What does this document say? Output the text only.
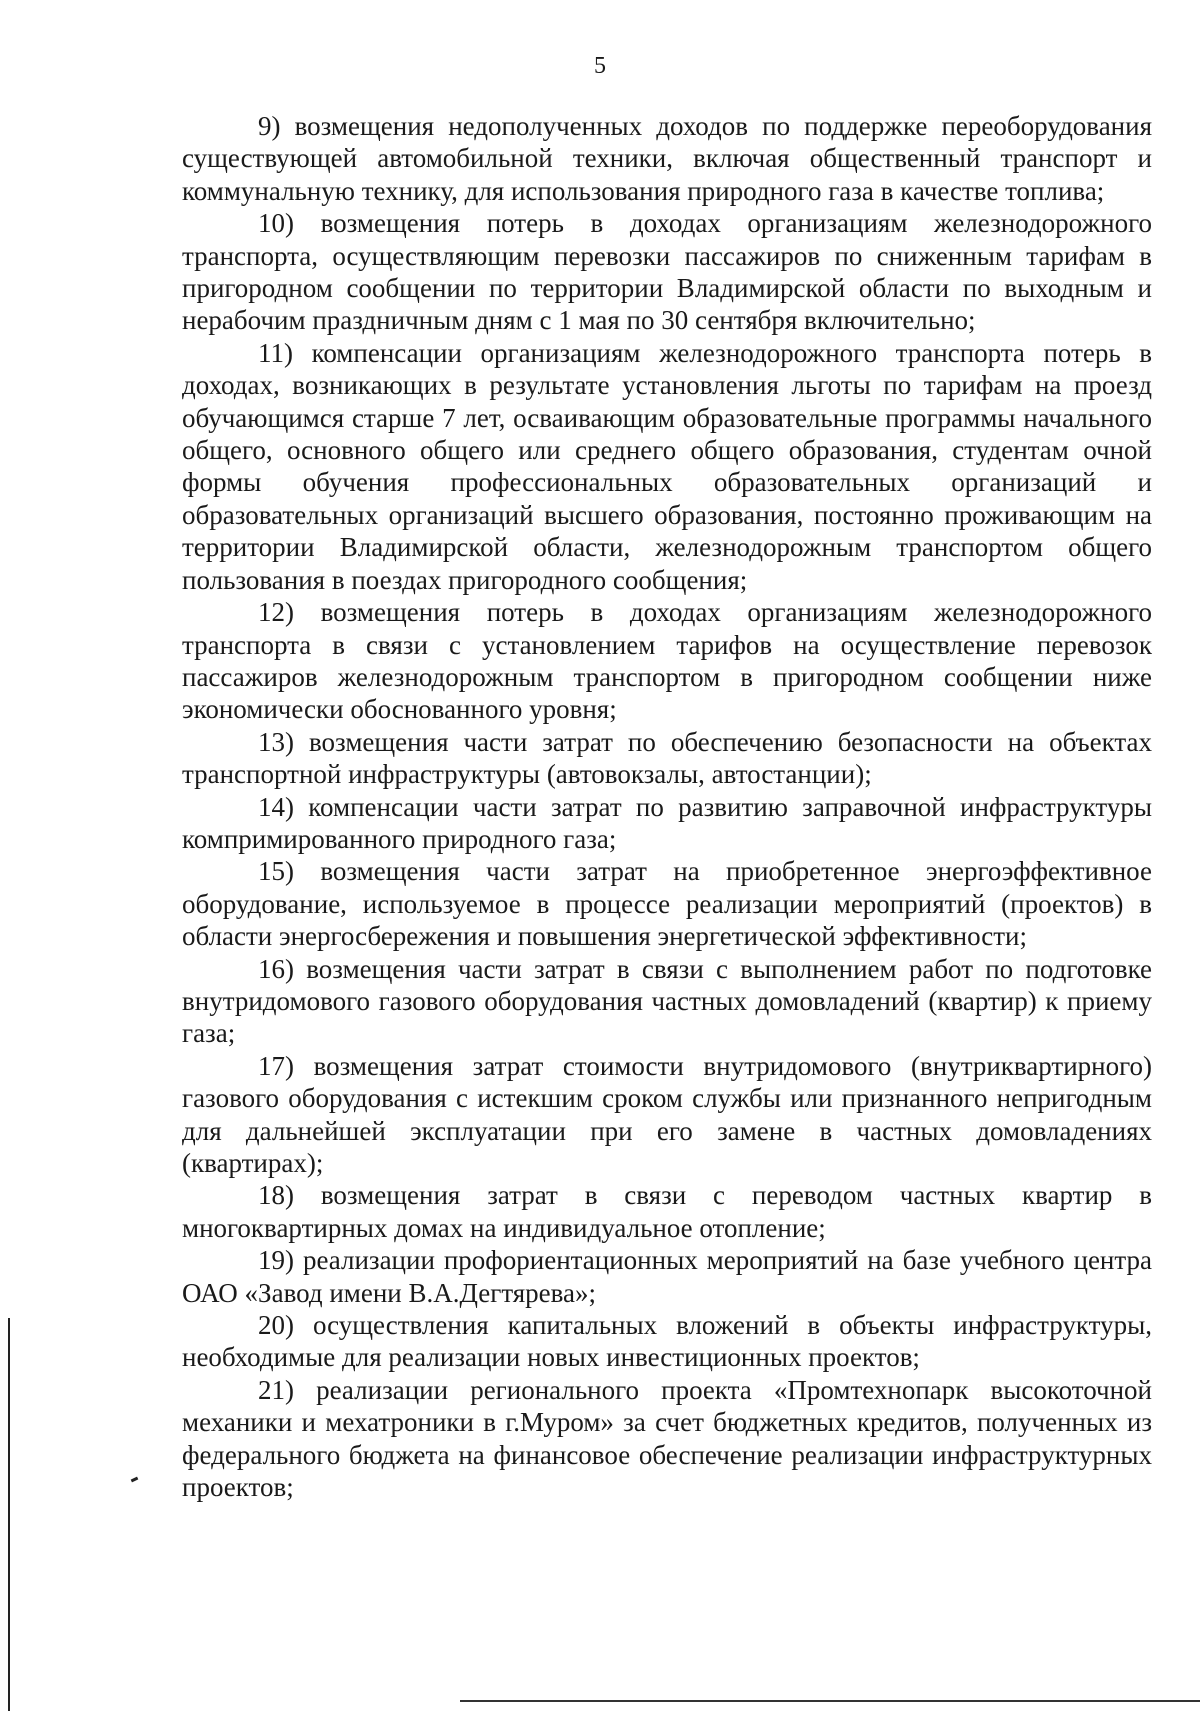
5

9) возмещения недополученных доходов по поддержке переоборудования существующей автомобильной техники, включая общественный транспорт и коммунальную технику, для использования природного газа в качестве топлива;

10) возмещения потерь в доходах организациям железнодорожного транспорта, осуществляющим перевозки пассажиров по сниженным тарифам в пригородном сообщении по территории Владимирской области по выходным и нерабочим праздничным дням с 1 мая по 30 сентября включительно;

11) компенсации организациям железнодорожного транспорта потерь в доходах, возникающих в результате установления льготы по тарифам на проезд обучающимся старше 7 лет, осваивающим образовательные программы начального общего, основного общего или среднего общего образования, студентам очной формы обучения профессиональных образовательных организаций и образовательных организаций высшего образования, постоянно проживающим на территории Владимирской области, железнодорожным транспортом общего пользования в поездах пригородного сообщения;

12) возмещения потерь в доходах организациям железнодорожного транспорта в связи с установлением тарифов на осуществление перевозок пассажиров железнодорожным транспортом в пригородном сообщении ниже экономически обоснованного уровня;

13) возмещения части затрат по обеспечению безопасности на объектах транспортной инфраструктуры (автовокзалы, автостанции);

14) компенсации части затрат по развитию заправочной инфраструктуры компримированного природного газа;

15) возмещения части затрат на приобретенное энергоэффективное оборудование, используемое в процессе реализации мероприятий (проектов) в области энергосбережения и повышения энергетической эффективности;

16) возмещения части затрат в связи с выполнением работ по подготовке внутридомового газового оборудования частных домовладений (квартир) к приему газа;

17) возмещения затрат стоимости внутридомового (внутриквартирного) газового оборудования с истекшим сроком службы или признанного непригодным для дальнейшей эксплуатации при его замене в частных домовладениях (квартирах);

18) возмещения затрат в связи с переводом частных квартир в многоквартирных домах на индивидуальное отопление;

19) реализации профориентационных мероприятий на базе учебного центра ОАО «Завод имени В.А.Дегтярева»;

20) осуществления капитальных вложений в объекты инфраструктуры, необходимые для реализации новых инвестиционных проектов;

21) реализации регионального проекта «Промтехнопарк высокоточной механики и мехатроники в г.Муром» за счет бюджетных кредитов, полученных из федерального бюджета на финансовое обеспечение реализации инфраструктурных проектов;
